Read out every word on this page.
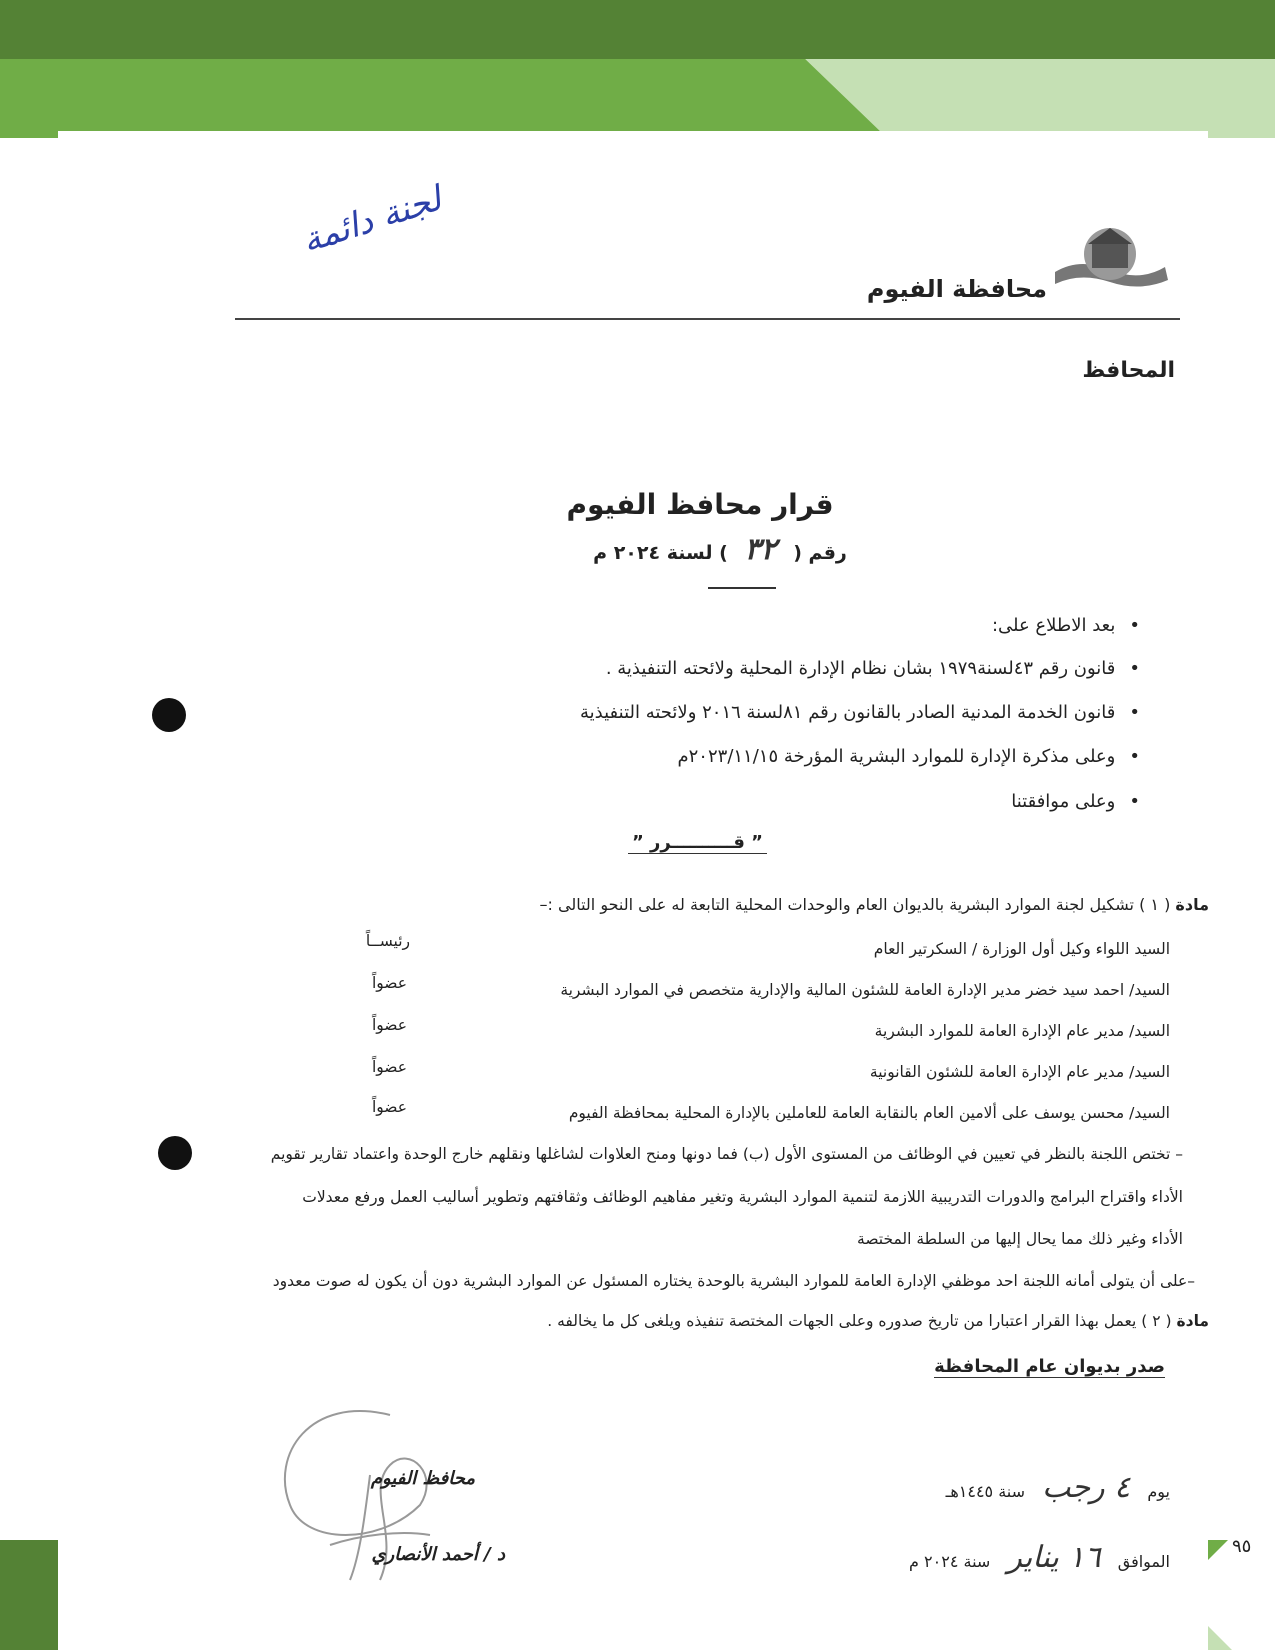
محافظة الفيوم
لجنة دائمة
المحافظ
قرار محافظ الفيوم
رقم ( ٣٢ ) لسنة ٢٠٢٤ م
• بعد الاطلاع على:
• قانون رقم ٤٣لسنة١٩٧٩ بشان نظام الإدارة المحلية ولائحته التنفيذية .
• قانون الخدمة المدنية الصادر بالقانون رقم ٨١لسنة ٢٠١٦ ولائحته التنفيذية
• وعلى مذكرة الإدارة للموارد البشرية المؤرخة ٢٠٢٣/١١/١٥م
• وعلى موافقتنا
” قــــــــــرر ”
مادة ( ١ ) تشكيل لجنة الموارد البشرية بالديوان العام والوحدات المحلية التابعة له على النحو التالى :–
السيد اللواء وكيل أول الوزارة / السكرتير العام
رئيســاً
السيد/ احمد سيد خضر مدير الإدارة العامة للشئون المالية والإدارية متخصص في الموارد البشرية
عضواً
السيد/ مدير عام الإدارة العامة للموارد البشرية
عضواً
السيد/ مدير عام الإدارة العامة للشئون القانونية
عضواً
السيد/ محسن يوسف على ألامين العام بالنقابة العامة للعاملين بالإدارة المحلية بمحافظة الفيوم
عضواً
– تختص اللجنة بالنظر في تعيين في الوظائف من المستوى الأول (ب) فما دونها ومنح العلاوات لشاغلها ونقلهم خارج الوحدة واعتماد تقارير تقويم
الأداء واقتراح البرامج والدورات التدريبية اللازمة لتنمية الموارد البشرية وتغير مفاهيم الوظائف وثقافتهم وتطوير أساليب العمل ورفع معدلات
الأداء وغير ذلك مما يحال إليها من السلطة المختصة
–على أن يتولى أمانه اللجنة احد موظفي الإدارة العامة للموارد البشرية بالوحدة يختاره المسئول عن الموارد البشرية دون أن يكون له صوت معدود
مادة ( ٢ ) يعمل بهذا القرار اعتبارا من تاريخ صدوره وعلى الجهات المختصة تنفيذه ويلغى كل ما يخالفه .
صدر بديوان عام المحافظة
يوم ٤ رجب سنة ١٤٤٥هـ
الموافق ١٦ يناير سنة ٢٠٢٤ م
محافظ الفيوم
د / أحمد الأنصاري	٩٥
